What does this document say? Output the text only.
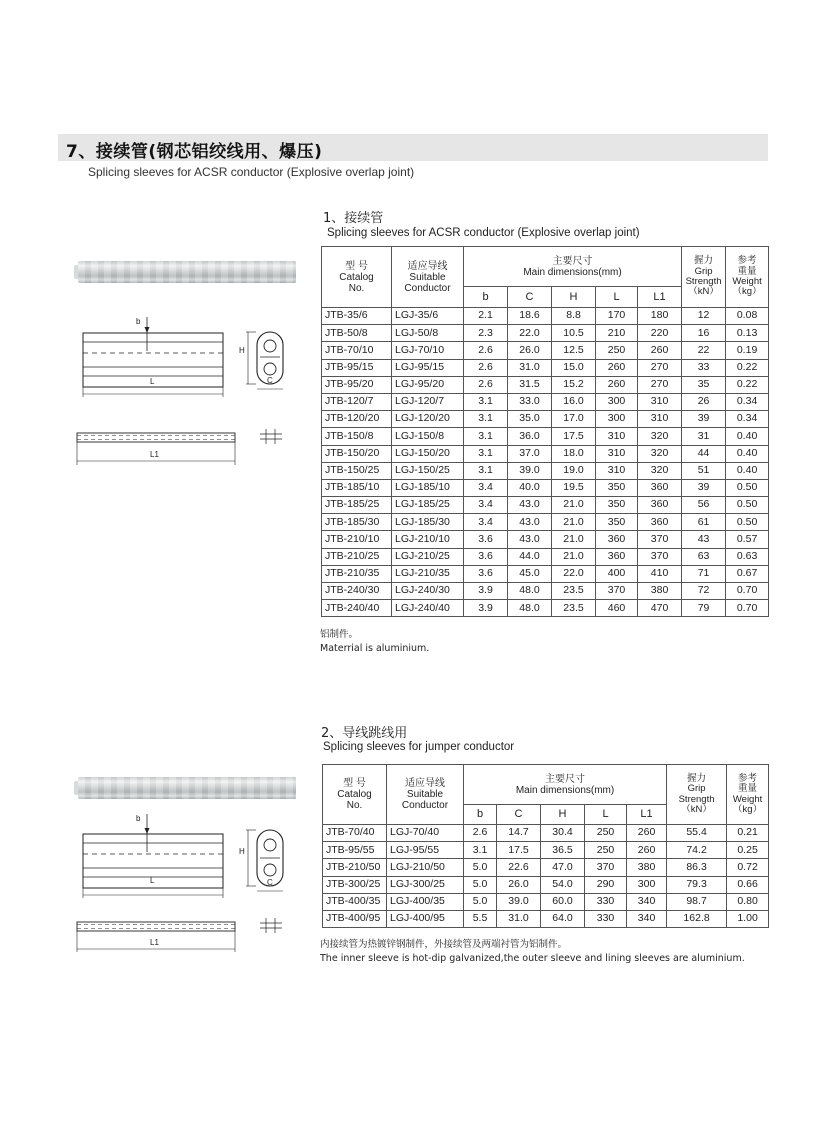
7、接续管(钢芯铝绞线用、爆压)
Splicing sleeves for ACSR conductor (Explosive overlap joint)
1、接续管
Splicing sleeves for ACSR conductor (Explosive overlap joint)
b
L
H
C
L1
型 号
Catalog
No.	适应导线
Suitable
Conductor	主要尺寸
Main dimensions(mm)					握力
Grip
Strength
（kN）	参考
重量
Weight
（kg）
		b	C	H	L	L1		
JTB-35/6	LGJ-35/6	2.1	18.6	8.8	170	180	12	0.08
JTB-50/8	LGJ-50/8	2.3	22.0	10.5	210	220	16	0.13
JTB-70/10	LGJ-70/10	2.6	26.0	12.5	250	260	22	0.19
JTB-95/15	LGJ-95/15	2.6	31.0	15.0	260	270	33	0.22
JTB-95/20	LGJ-95/20	2.6	31.5	15.2	260	270	35	0.22
JTB-120/7	LGJ-120/7	3.1	33.0	16.0	300	310	26	0.34
JTB-120/20	LGJ-120/20	3.1	35.0	17.0	300	310	39	0.34
JTB-150/8	LGJ-150/8	3.1	36.0	17.5	310	320	31	0.40
JTB-150/20	LGJ-150/20	3.1	37.0	18.0	310	320	44	0.40
JTB-150/25	LGJ-150/25	3.1	39.0	19.0	310	320	51	0.40
JTB-185/10	LGJ-185/10	3.4	40.0	19.5	350	360	39	0.50
JTB-185/25	LGJ-185/25	3.4	43.0	21.0	350	360	56	0.50
JTB-185/30	LGJ-185/30	3.4	43.0	21.0	350	360	61	0.50
JTB-210/10	LGJ-210/10	3.6	43.0	21.0	360	370	43	0.57
JTB-210/25	LGJ-210/25	3.6	44.0	21.0	360	370	63	0.63
JTB-210/35	LGJ-210/35	3.6	45.0	22.0	400	410	71	0.67
JTB-240/30	LGJ-240/30	3.9	48.0	23.5	370	380	72	0.70
JTB-240/40	LGJ-240/40	3.9	48.0	23.5	460	470	79	0.70
铝制件。
Materrial is aluminium.
2、导线跳线用
Splicing sleeves for jumper conductor
b
L
H
C
L1
型 号
Catalog
No.	适应导线
Suitable
Conductor	主要尺寸
Main dimensions(mm)					握力
Grip
Strength
（kN）	参考
重量
Weight
（kg）
		b	C	H	L	L1		
JTB-70/40	LGJ-70/40	2.6	14.7	30.4	250	260	55.4	0.21
JTB-95/55	LGJ-95/55	3.1	17.5	36.5	250	260	74.2	0.25
JTB-210/50	LGJ-210/50	5.0	22.6	47.0	370	380	86.3	0.72
JTB-300/25	LGJ-300/25	5.0	26.0	54.0	290	300	79.3	0.66
JTB-400/35	LGJ-400/35	5.0	39.0	60.0	330	340	98.7	0.80
JTB-400/95	LGJ-400/95	5.5	31.0	64.0	330	340	162.8	1.00
内接续管为热镀锌钢制件，外接续管及两端衬管为铝制件。
The inner sleeve is hot-dip galvanized,the outer sleeve and lining sleeves are aluminium.
